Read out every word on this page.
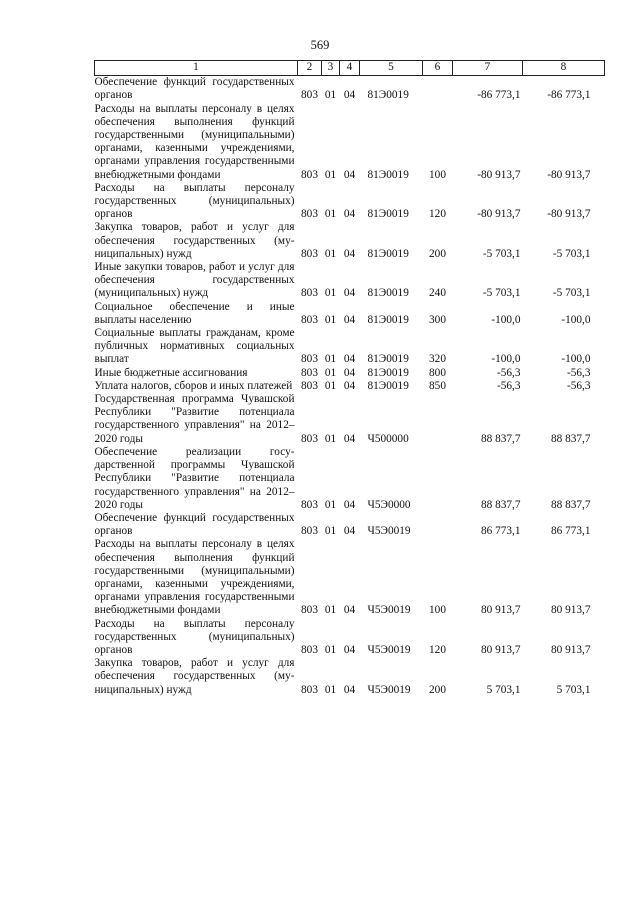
569
1	2	3	4	5	6	7	8
Обеспечение функций государственных органов	803	01	04	81Э0019		-86 773,1	-86 773,1
Расходы на выплаты персоналу в целях обеспечения выполнения функций государственными (муниципальными) органами, казенными учреждениями, органами управления государственными внебюджетными фондами	803	01	04	81Э0019	100	-80 913,7	-80 913,7
Расходы на выплаты персоналу государственных (муниципальных) органов	803	01	04	81Э0019	120	-80 913,7	-80 913,7
Закупка товаров, работ и услуг для обеспечения государственных (муниципальных) нужд	803	01	04	81Э0019	200	-5 703,1	-5 703,1
Иные закупки товаров, работ и услуг для обеспечения государственных (муниципальных) нужд	803	01	04	81Э0019	240	-5 703,1	-5 703,1
Социальное обеспечение и иные выплаты населению	803	01	04	81Э0019	300	-100,0	-100,0
Социальные выплаты гражданам, кроме публичных нормативных социальных выплат	803	01	04	81Э0019	320	-100,0	-100,0
Иные бюджетные ассигнования	803	01	04	81Э0019	800	-56,3	-56,3
Уплата налогов, сборов и иных платежей	803	01	04	81Э0019	850	-56,3	-56,3
Государственная программа Чувашской Республики "Развитие потенциала государственного управления" на 2012–2020 годы	803	01	04	Ч500000		88 837,7	88 837,7
Обеспечение реализации государственной программы Чувашской Республики "Развитие потенциала государственного управления" на 2012–2020 годы	803	01	04	Ч5Э0000		88 837,7	88 837,7
Обеспечение функций государственных органов	803	01	04	Ч5Э0019		86 773,1	86 773,1
Расходы на выплаты персоналу в целях обеспечения выполнения функций государственными (муниципальными) органами, казенными учреждениями, органами управления государственными внебюджетными фондами	803	01	04	Ч5Э0019	100	80 913,7	80 913,7
Расходы на выплаты персоналу государственных (муниципальных) органов	803	01	04	Ч5Э0019	120	80 913,7	80 913,7
Закупка товаров, работ и услуг для обеспечения государственных (муниципальных) нужд	803	01	04	Ч5Э0019	200	5 703,1	5 703,1
